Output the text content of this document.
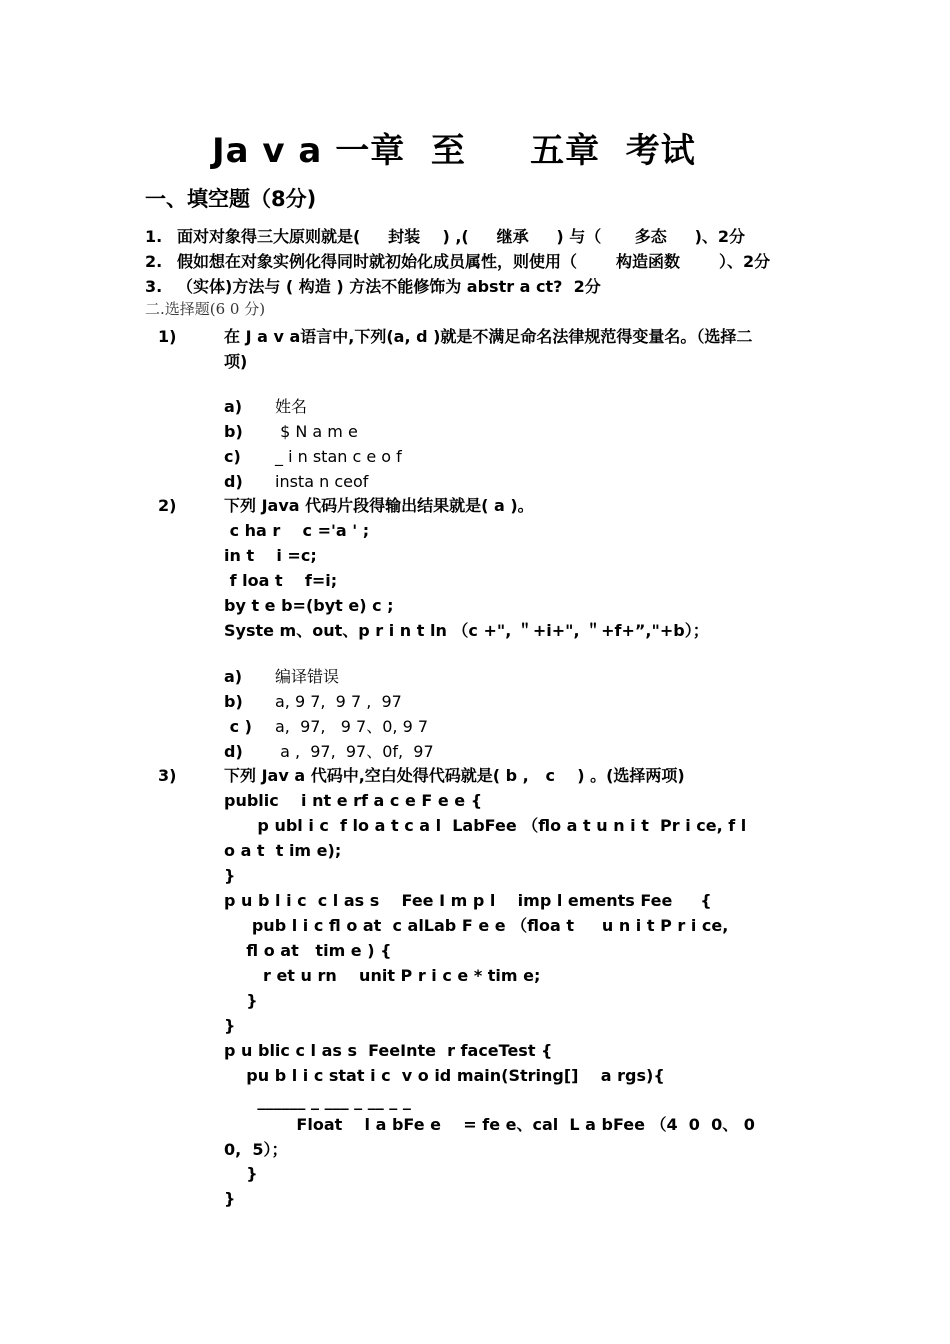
Ja v a 一章  至     五章  考试
一、填空题（8分)
1. 面对对象得三大原则就是(     封装    ) ,(     继承     ) 与（      多态     )、2分
2. 假如想在对象实例化得同时就初始化成员属性，则使用（       构造函数       ）、2分
3. （实体)方法与 ( 构造 ) 方法不能修饰为 abstr a ct?  2分
二.选择题(6 0 分)
1)	在 J a v a语言中,下列(a, d )就是不满足命名法律规范得变量名。（选择二
项)
a) 姓名
b) $ N a m e
c) _ i n stan c e o f
d) insta n ceof
2)	下列 Java 代码片段得输出结果就是( a )。
c ha r    c ='a ' ;
in t    i =c;
f loa t    f=i;
by t e b=(byt e) c ;
Syste m、out、p r i n t ln （c +", ＂+i+", ＂+f+”,"+b）；
a) 编译错误
b) a, 9 7,  9 7 ,  97
c ) a,  97,   9 7、0, 9 7
d) a ,  97,  97、0f,  97
3)	下列 Jav a 代码中,空白处得代码就是( b ,   c    ) 。(选择两项)
public    i nt e rf a c e F e e {
p ubl i c  f lo a t c a l  LabFee （flo a t u n i t  Pr i ce, f l
o a t  t im e);
}
p u b l i c  c l as s    Fee I m p l    imp l ements Fee     {
pub l i c fl o at  c alLab F e e （floa t     u n i t P r i ce,
fl o at   tim e ) {
r et u rn    unit P r i c e * tim e;
}
}
p u blic c l as s  FeeInte  r faceTest {
pu b l i c stat i c  v o id main(String[]    a rgs){
______ _ ___ _ __ _ _
Float    l a bFe e    = fe e、cal  L a bFee （4  0  0、 0
0,  5）；
}
}
